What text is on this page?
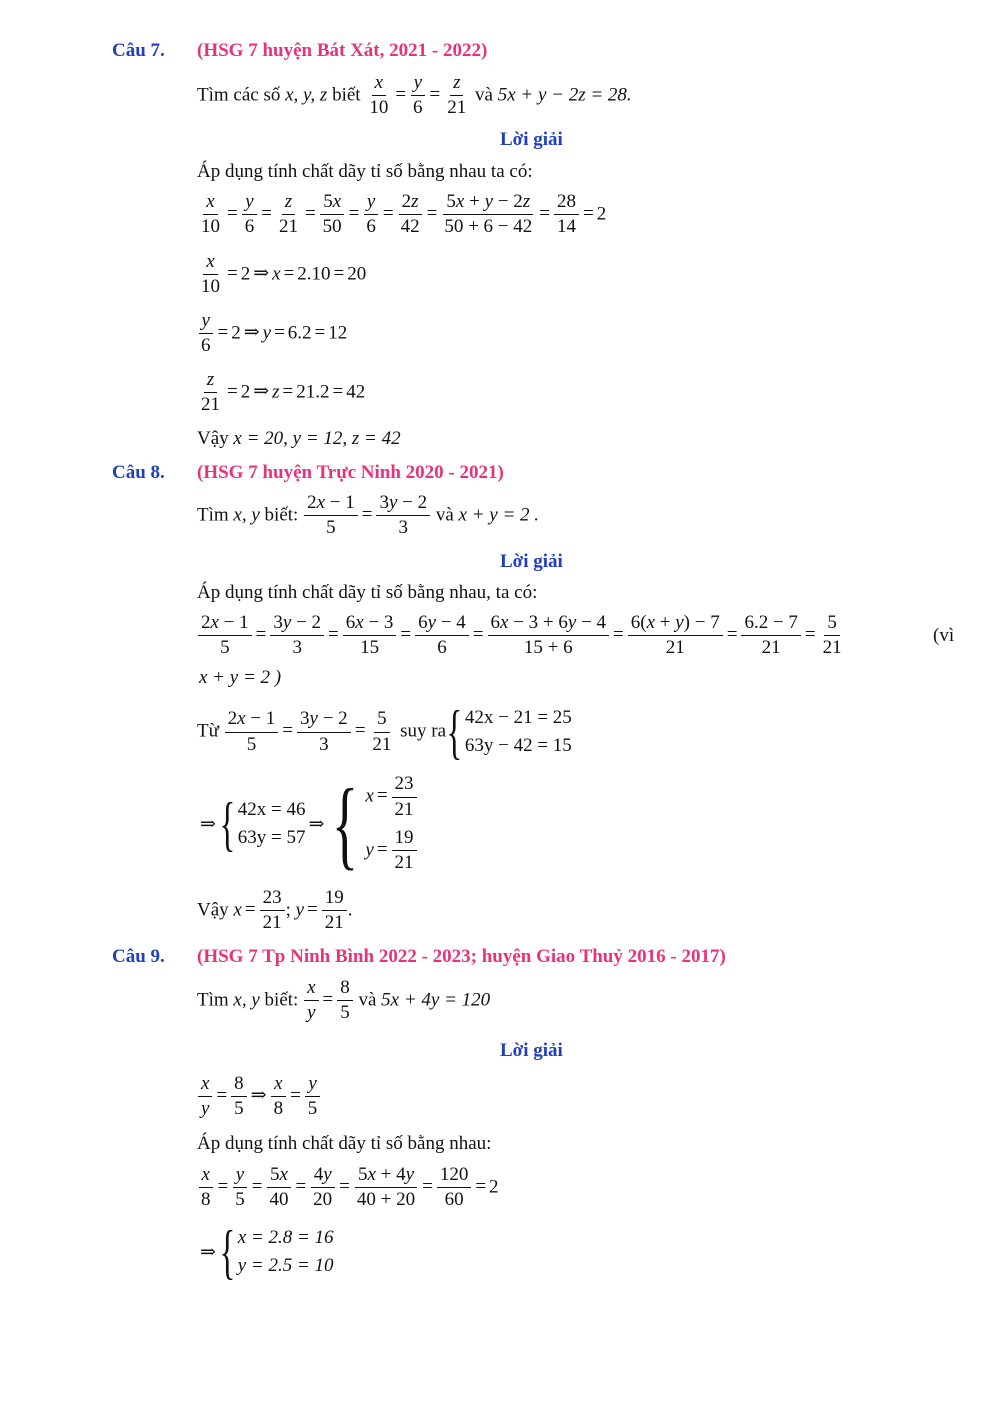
Câu 7. (HSG 7 huyện Bát Xát, 2021 - 2022)
Tìm các số x, y, z biết $\frac{x}{10} = \frac{y}{6} = \frac{z}{21}$ và 5x + y − 2z = 28.
Lời giải
Áp dụng tính chất dãy tỉ số bằng nhau ta có:
$\frac{x}{10} = \frac{y}{6} = \frac{z}{21} = \frac{5x}{50} = \frac{y}{6} = \frac{2z}{42} = \frac{5x + y - 2z}{50 + 6 - 42} = \frac{28}{14} = 2$
$\frac{x}{10} = 2$ ⇒ x = 2.10 = 20
$\frac{y}{6} = 2$ ⇒ y = 6.2 = 12
$\frac{z}{21} = 2$ ⇒ z = 21.2 = 42
Vậy x = 20, y = 12, z = 42
Câu 8. (HSG 7 huyện Trực Ninh 2020 - 2021)
Tìm x, y biết: $\frac{2x - 1}{5} = \frac{3y - 2}{3}$ và x + y = 2 .
Lời giải
Áp dụng tính chất dãy tỉ số bằng nhau, ta có:
$\frac{2x - 1}{5} = \frac{3y - 2}{3} = \frac{6x - 3}{15} = \frac{6y - 4}{6} = \frac{6x - 3 + 6y - 4}{15 + 6} = \frac{6(x + y) - 7}{21} = \frac{6.2 - 7}{21} = \frac{5}{21}$	(vì
x + y = 2 )
Từ $\frac{2x - 1}{5} = \frac{3y - 2}{3} = \frac{5}{21}$ suy ra { 42x − 21 = 25
63y − 42 = 15
⇒ { 42x = 46
63y = 57
⇒ { $x = \frac{23}{21}$
$y = \frac{19}{21}$
Vậy $x = \frac{23}{21}$ ; $y = \frac{19}{21}$ .
Câu 9. (HSG 7 Tp Ninh Bình 2022 - 2023; huyện Giao Thuỷ 2016 - 2017)
Tìm x, y biết: $\frac{x}{y} = \frac{8}{5}$ và 5x + 4y = 120
Lời giải
$\frac{x}{y} = \frac{8}{5}$ ⇒ $\frac{x}{8} = \frac{y}{5}$
Áp dụng tính chất dãy tỉ số bằng nhau:
$\frac{x}{8} = \frac{y}{5} = \frac{5x}{40} = \frac{4y}{20} = \frac{5x + 4y}{40 + 20} = \frac{120}{60} = 2$
⇒ { x = 2.8 = 16
y = 2.5 = 10
